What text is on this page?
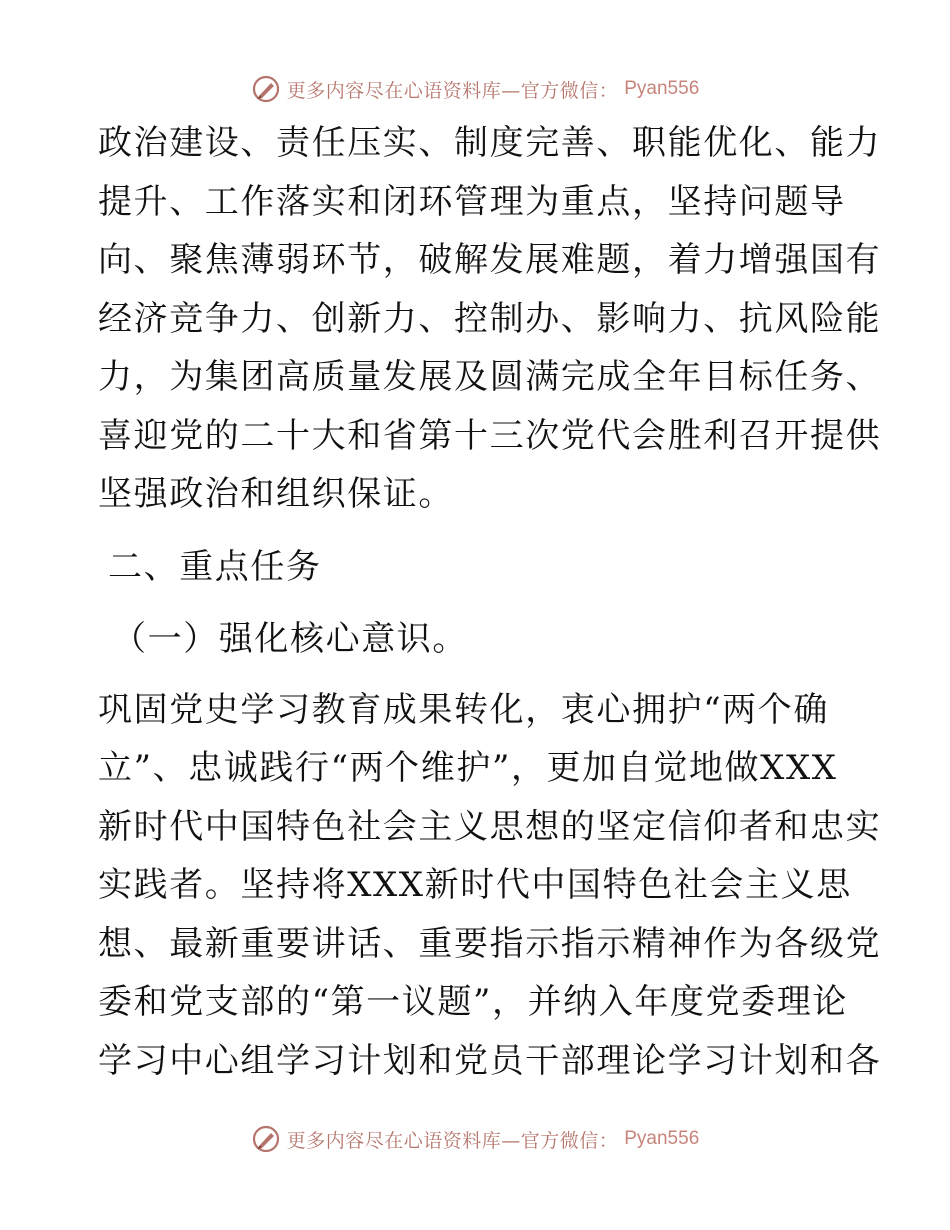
更多内容尽在心语资料库—官方微信： Pyan556
政治建设、责任压实、制度完善、职能优化、能力
提升、工作落实和闭环管理为重点，坚持问题导
向、聚焦薄弱环节，破解发展难题，着力增强国有
经济竞争力、创新力、控制办、影响力、抗风险能
力，为集团高质量发展及圆满完成全年目标任务、
喜迎党的二十大和省第十三次党代会胜利召开提供
坚强政治和组织保证。
二、重点任务
（一）强化核心意识。
巩固党史学习教育成果转化，衷心拥护“两个确
立”、忠诚践行“两个维护”，更加自觉地做XXX
新时代中国特色社会主义思想的坚定信仰者和忠实
实践者。坚持将XXX新时代中国特色社会主义思
想、最新重要讲话、重要指示指示精神作为各级党
委和党支部的“第一议题”，并纳入年度党委理论
学习中心组学习计划和党员干部理论学习计划和各
更多内容尽在心语资料库—官方微信： Pyan556
